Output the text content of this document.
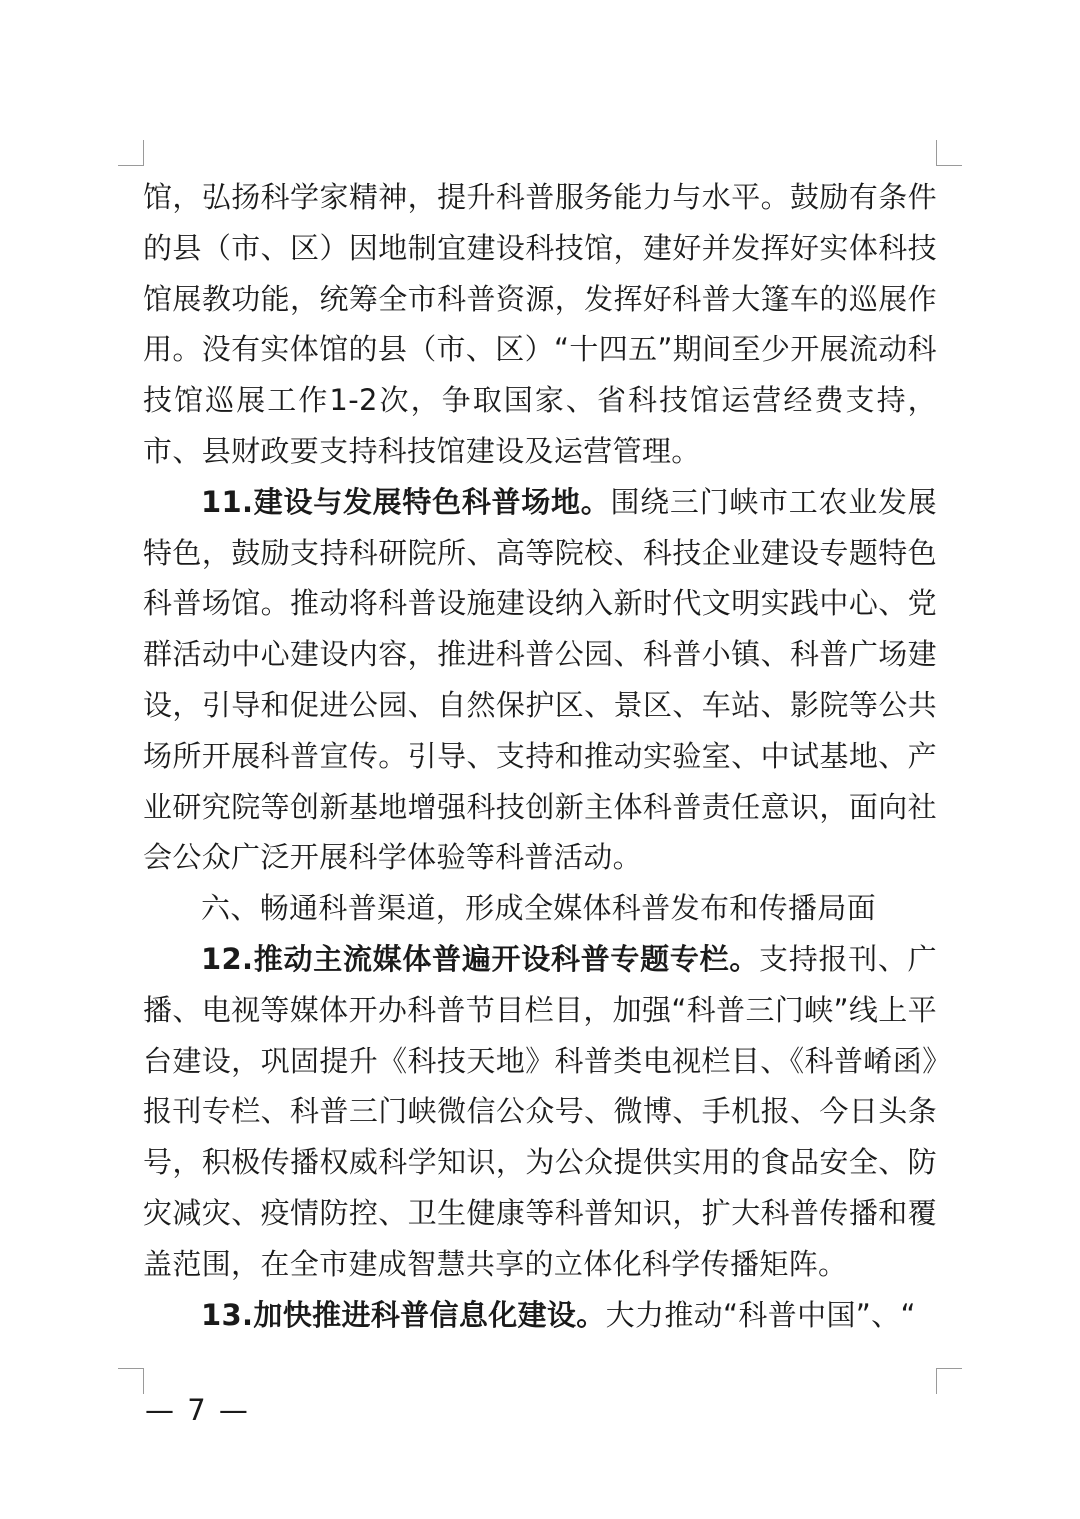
馆，弘扬科学家精神，提升科普服务能力与水平。鼓励有条件的县（市、区）因地制宜建设科技馆，建好并发挥好实体科技馆展教功能，统筹全市科普资源，发挥好科普大篷车的巡展作用。没有实体馆的县（市、区）“十四五”期间至少开展流动科技馆巡展工作1-2次，争取国家、省科技馆运营经费支持，市、县财政要支持科技馆建设及运营管理。

11.建设与发展特色科普场地。围绕三门峡市工农业发展特色，鼓励支持科研院所、高等院校、科技企业建设专题特色科普场馆。推动将科普设施建设纳入新时代文明实践中心、党群活动中心建设内容，推进科普公园、科普小镇、科普广场建设，引导和促进公园、自然保护区、景区、车站、影院等公共场所开展科普宣传。引导、支持和推动实验室、中试基地、产业研究院等创新基地增强科技创新主体科普责任意识，面向社会公众广泛开展科学体验等科普活动。

六、畅通科普渠道，形成全媒体科普发布和传播局面

12.推动主流媒体普遍开设科普专题专栏。支持报刊、广播、电视等媒体开办科普节目栏目，加强“科普三门峡”线上平台建设，巩固提升《科技天地》科普类电视栏目、《科普崤函》报刊专栏、科普三门峡微信公众号、微博、手机报、今日头条号，积极传播权威科学知识，为公众提供实用的食品安全、防灾减灾、疫情防控、卫生健康等科普知识，扩大科普传播和覆盖范围，在全市建成智慧共享的立体化科学传播矩阵。

13.加快推进科普信息化建设。大力推动“科普中国”、“

— 7 —
